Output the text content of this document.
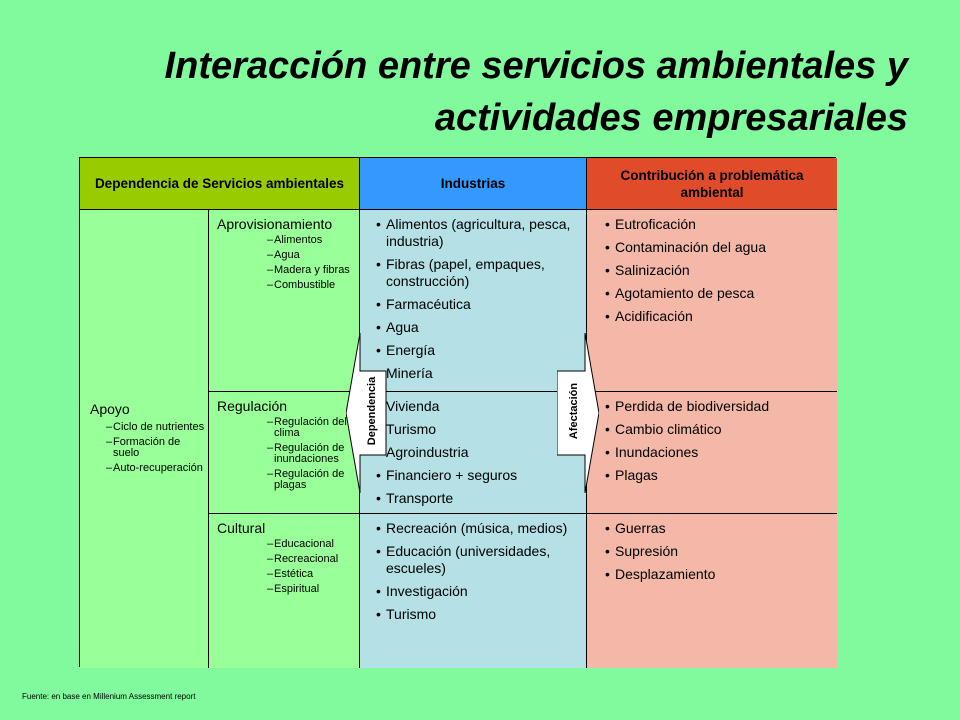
Interacción entre servicios ambientales y
actividades empresariales
Dependencia de Servicios ambientales	Industrias
Contribución a problemática ambiental
Apoyo
– Ciclo de nutrientes
– Formación de suelo
– Auto-recuperación
Aprovisionamiento
– Alimentos
– Agua
– Madera y fibras
– Combustible
Regulación
– Regulación del clima
– Regulación de inundaciones
– Regulación de plagas
Cultural
– Educacional
– Recreacional
– Estética
– Espiritual
• Alimentos (agricultura, pesca, industria)
• Fibras (papel, empaques, construcción)
• Farmacéutica
• Agua
• Energía
• Minería
• Vivienda
• Turismo
• Agroindustria
• Financiero + seguros
• Transporte
• Recreación (música, medios)
• Educación (universidades, escueles)
• Investigación
• Turismo
• Eutroficación
• Contaminación del agua
• Salinización
• Agotamiento de pesca
• Acidificación
• Perdida de biodiversidad
• Cambio climático
• Inundaciones
• Plagas
• Guerras
• Supresión
• Desplazamiento
Dependencia	Afectación
Fuente: en base en Millenium Assessment report
